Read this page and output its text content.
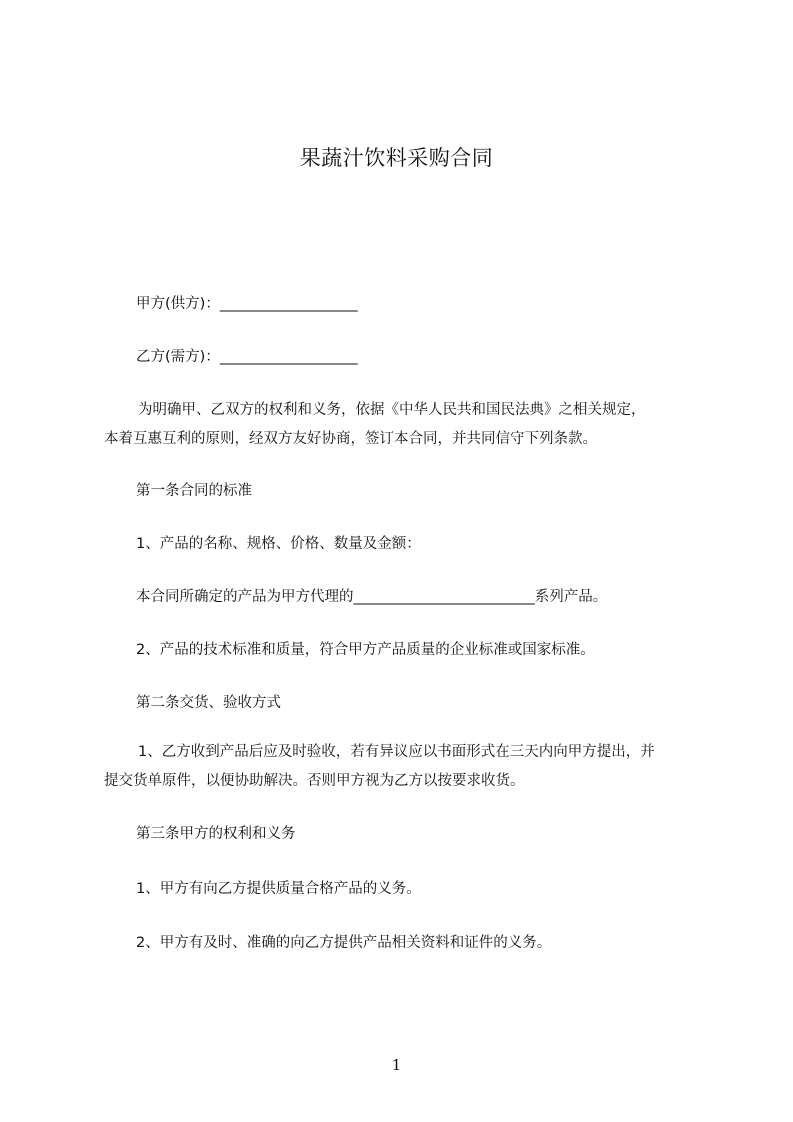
果蔬汁饮料采购合同
甲方(供方)：___________________
乙方(需方)：___________________
为明确甲、乙双方的权利和义务，依据《中华人民共和国民法典》之相关规定，
本着互惠互利的原则，经双方友好协商，签订本合同，并共同信守下列条款。
第一条合同的标准
1、产品的名称、规格、价格、数量及金额：
本合同所确定的产品为甲方代理的_________________________系列产品。
2、产品的技术标准和质量，符合甲方产品质量的企业标准或国家标准。
第二条交货、验收方式
1、乙方收到产品后应及时验收，若有异议应以书面形式在三天内向甲方提出，并
提交货单原件，以便协助解决。否则甲方视为乙方以按要求收货。
第三条甲方的权利和义务
1、甲方有向乙方提供质量合格产品的义务。
2、甲方有及时、准确的向乙方提供产品相关资料和证件的义务。
1
